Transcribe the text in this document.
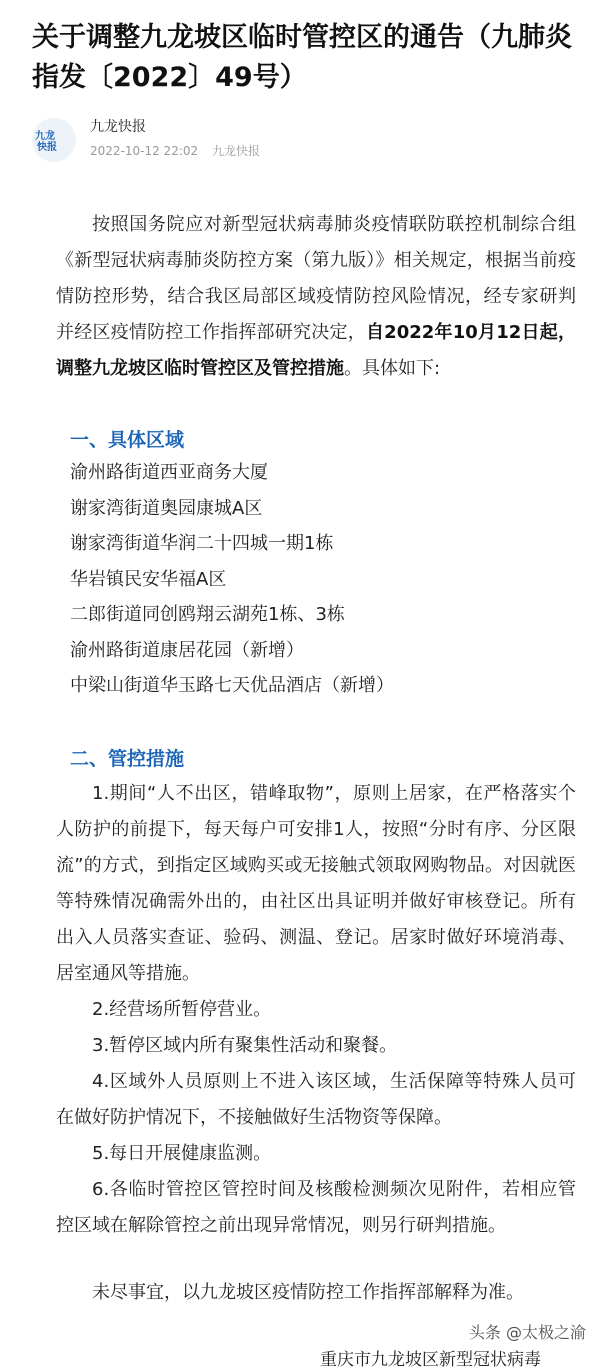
关于调整九龙坡区临时管控区的通告（九肺炎指发〔2022〕49号）
九龙
快报
九龙快报
2022-10-12 22:02 九龙快报

按照国务院应对新型冠状病毒肺炎疫情联防联控机制综合组《新型冠状病毒肺炎防控方案（第九版）》相关规定，根据当前疫情防控形势，结合我区局部区域疫情防控风险情况，经专家研判并经区疫情防控工作指挥部研究决定，自2022年10月12日起，调整九龙坡区临时管控区及管控措施。具体如下:

一、具体区域
渝州路街道西亚商务大厦
谢家湾街道奥园康城A区
谢家湾街道华润二十四城一期1栋
华岩镇民安华福A区
二郎街道同创鸥翔云湖苑1栋、3栋
渝州路街道康居花园（新增）
中梁山街道华玉路七天优品酒店（新增）
二、管控措施

1.期间“人不出区，错峰取物”，原则上居家，在严格落实个人防护的前提下，每天每户可安排1人，按照“分时有序、分区限流”的方式，到指定区域购买或无接触式领取网购物品。对因就医等特殊情况确需外出的，由社区出具证明并做好审核登记。所有出入人员落实查证、验码、测温、登记。居家时做好环境消毒、居室通风等措施。

2.经营场所暂停营业。

3.暂停区域内所有聚集性活动和聚餐。

4.区域外人员原则上不进入该区域，生活保障等特殊人员可在做好防护情况下，不接触做好生活物资等保障。

5.每日开展健康监测。

6.各临时管控区管控时间及核酸检测频次见附件，若相应管控区域在解除管控之前出现异常情况，则另行研判措施。

未尽事宜，以九龙坡区疫情防控工作指挥部解释为准。

头条 @太极之渝
重庆市九龙坡区新型冠状病毒
